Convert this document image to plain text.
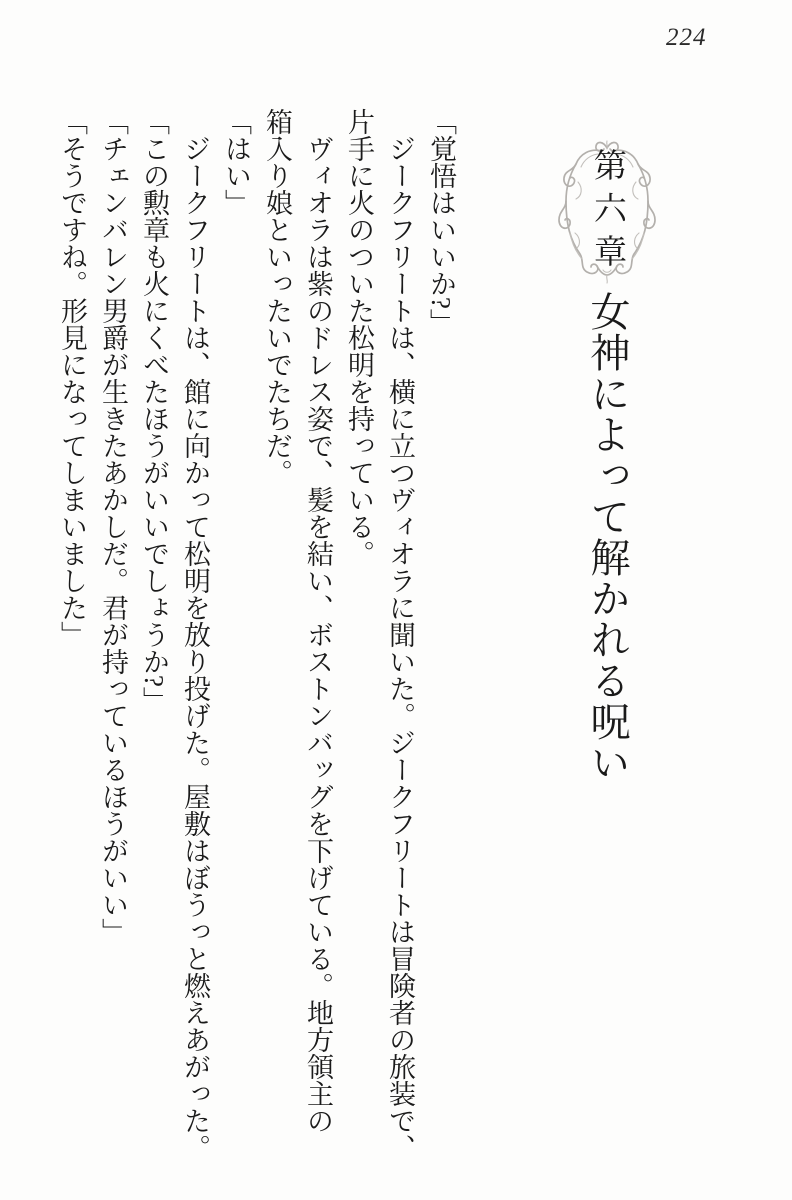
224
第六章女神によって解かれる呪い
「覚悟はいいか?」
　ジークフリートは、横に立つヴィオラに聞いた。ジークフリートは冒険者の旅装で、
片手に火のついた松明を持っている。
　ヴィオラは紫のドレス姿で、髪を結い、ボストンバッグを下げている。地方領主の
箱入り娘といったいでたちだ。
「はい」
　ジークフリートは、館に向かって松明を放り投げた。屋敷はぼうっと燃えあがった。
「この勲章も火にくべたほうがいいでしょうか?」
「チェンバレン男爵が生きたあかしだ。君が持っているほうがいい」
「そうですね。形見になってしまいました」
